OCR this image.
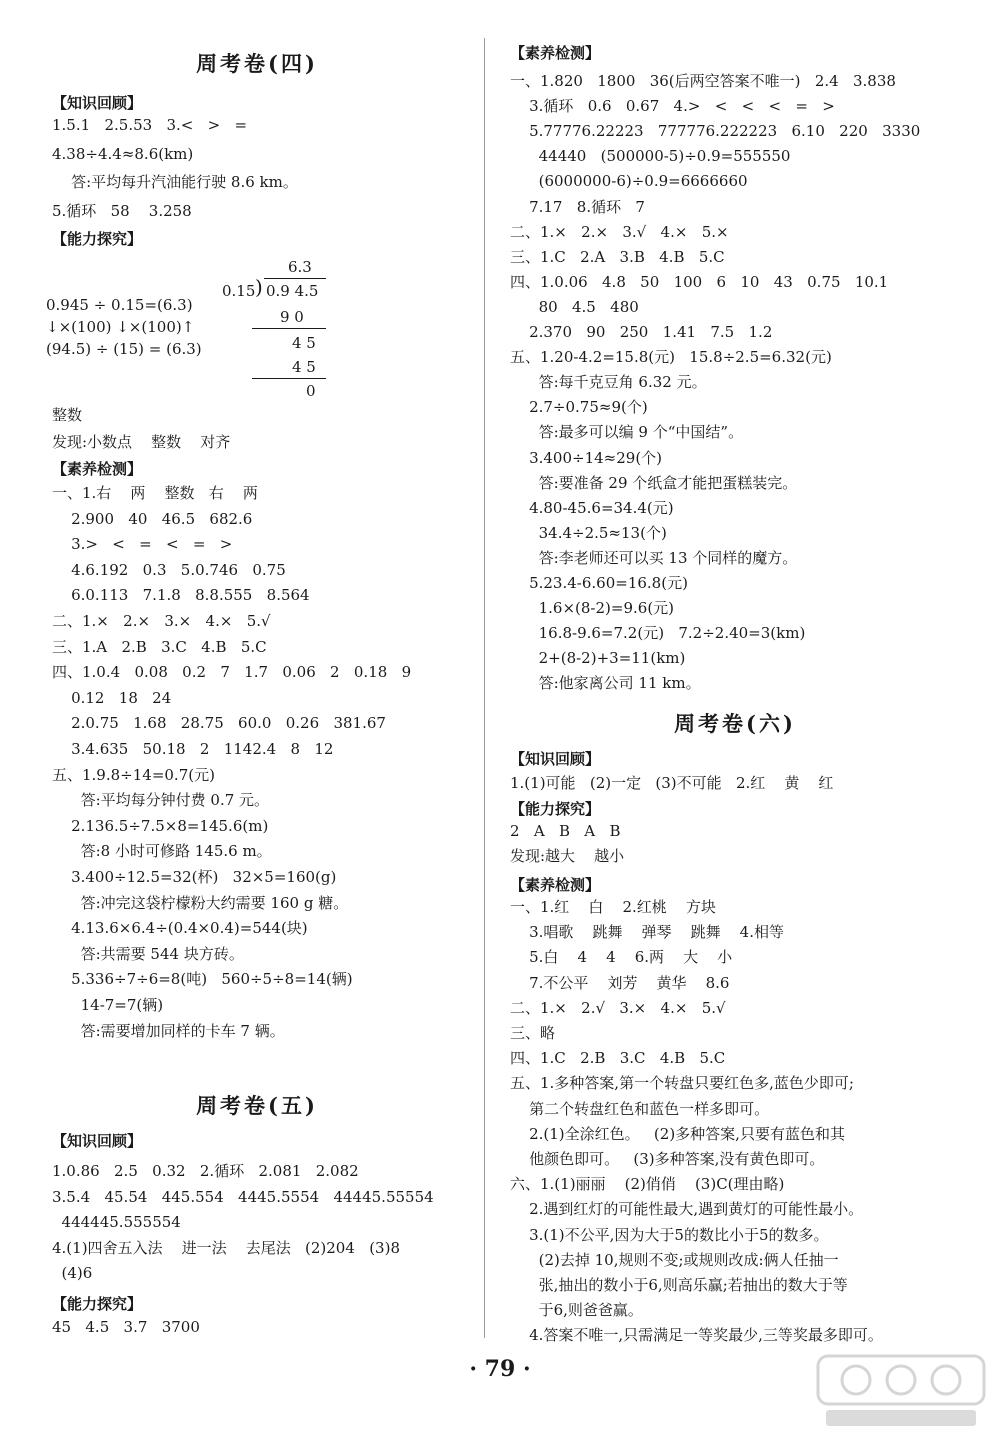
周考卷(四)
【知识回顾】
1.5.1   2.5.53   3.<   >   =
4.38÷4.4≈8.6(km)
答:平均每升汽油能行驶 8.6 km。
5.循环   58    3.258
【能力探究】
0.945 ÷ 0.15=(6.3)
↓×(100) ↓×(100)↑
(94.5) ÷ (15) = (6.3)
6.3
0.15 ) 0.9 4.5
9 0
4 5
4 5
0
整数
发现:小数点    整数    对齐
【素养检测】
一、1.右    两    整数   右    两
2.900   40   46.5   682.6
3.>   <   =   <   =   >
4.6.192   0.3   5.0.746   0.75
6.0.113   7.1.8   8.8.555   8.564
二、1.×   2.×   3.×   4.×   5.√
三、1.A   2.B   3.C   4.B   5.C
四、1.0.4   0.08   0.2   7   1.7   0.06   2   0.18   9
0.12   18   24
2.0.75   1.68   28.75   60.0   0.26   381.67
3.4.635   50.18   2   1142.4   8   12
五、1.9.8÷14=0.7(元)
答:平均每分钟付费 0.7 元。
2.136.5÷7.5×8=145.6(m)
答:8 小时可修路 145.6 m。
3.400÷12.5=32(杯)   32×5=160(g)
答:冲完这袋柠檬粉大约需要 160 g 糖。
4.13.6×6.4÷(0.4×0.4)=544(块)
答:共需要 544 块方砖。
5.336÷7÷6=8(吨)   560÷5÷8=14(辆)
14-7=7(辆)
答:需要增加同样的卡车 7 辆。
周考卷(五)
【知识回顾】
1.0.86   2.5   0.32   2.循环   2.081   2.082
3.5.4   45.54   445.554   4445.5554   44445.55554
444445.555554
4.(1)四舍五入法    进一法    去尾法   (2)204   (3)8
(4)6
【能力探究】
45   4.5   3.7   3700
【素养检测】
一、1.820   1800   36(后两空答案不唯一)   2.4   3.838
3.循环   0.6   0.67   4.>   <   <   <   =   >
5.77776.22223   777776.222223   6.10   220   3330
44440   (500000-5)÷0.9=555550
(6000000-6)÷0.9=6666660
7.17   8.循环   7
二、1.×   2.×   3.√   4.×   5.×
三、1.C   2.A   3.B   4.B   5.C
四、1.0.06   4.8   50   100   6   10   43   0.75   10.1
80   4.5   480
2.370   90   250   1.41   7.5   1.2
五、1.20-4.2=15.8(元)   15.8÷2.5=6.32(元)
答:每千克豆角 6.32 元。
2.7÷0.75≈9(个)
答:最多可以编 9 个“中国结”。
3.400÷14≈29(个)
答:要准备 29 个纸盒才能把蛋糕装完。
4.80-45.6=34.4(元)
34.4÷2.5≈13(个)
答:李老师还可以买 13 个同样的魔方。
5.23.4-6.60=16.8(元)
1.6×(8-2)=9.6(元)
16.8-9.6=7.2(元)   7.2÷2.40=3(km)
2+(8-2)+3=11(km)
答:他家离公司 11 km。
周考卷(六)
【知识回顾】
1.(1)可能   (2)一定   (3)不可能   2.红    黄    红
【能力探究】
2   A   B   A   B
发现:越大    越小
【素养检测】
一、1.红    白    2.红桃    方块
3.唱歌    跳舞    弹琴    跳舞    4.相等
5.白    4    4    6.两    大    小
7.不公平    刘芳    黄华    8.6
二、1.×   2.√   3.×   4.×   5.√
三、略
四、1.C   2.B   3.C   4.B   5.C
五、1.多种答案,第一个转盘只要红色多,蓝色少即可;
第二个转盘红色和蓝色一样多即可。
2.(1)全涂红色。   (2)多种答案,只要有蓝色和其
他颜色即可。   (3)多种答案,没有黄色即可。
六、1.(1)丽丽    (2)俏俏    (3)C(理由略)
2.遇到红灯的可能性最大,遇到黄灯的可能性最小。
3.(1)不公平,因为大于5的数比小于5的数多。
(2)去掉 10,规则不变;或规则改成:俩人任抽一
张,抽出的数小于6,则高乐赢;若抽出的数大于等
于6,则爸爸赢。
4.答案不唯一,只需满足一等奖最少,三等奖最多即可。
· 79 ·
